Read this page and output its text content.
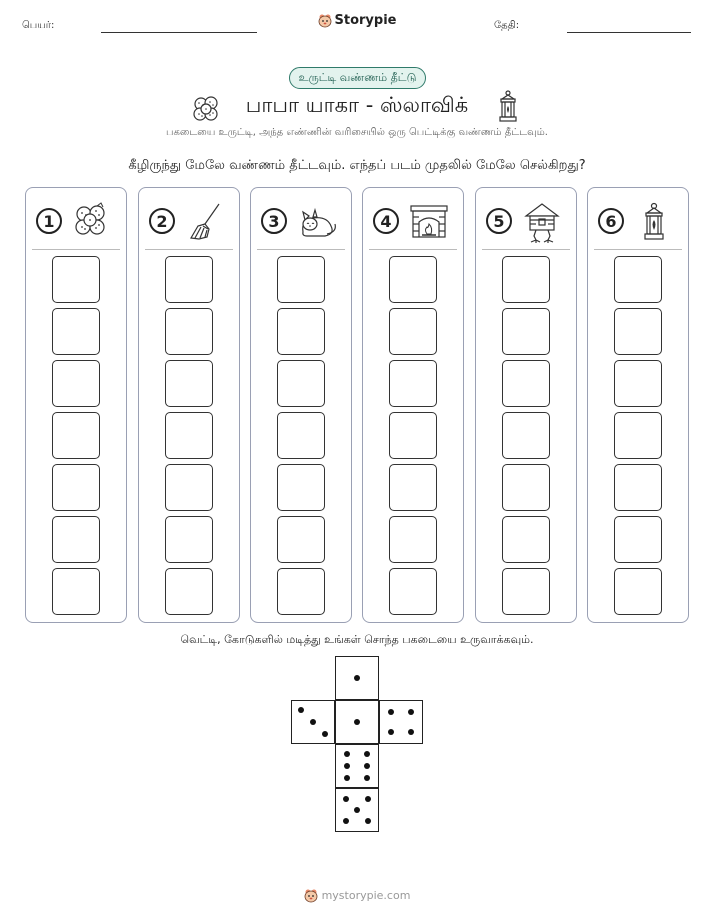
பெயர்:	Storypie	தேதி:
உருட்டி வண்ணம் தீட்டு
பாபா யாகா - ஸ்லாவிக்
பகடையை உருட்டி, அந்த எண்ணின் வரிசையில் ஒரு பெட்டிக்கு வண்ணம் தீட்டவும்.
கீழிருந்து மேலே வண்ணம் தீட்டவும். எந்தப் படம் முதலில் மேலே செல்கிறது?
1	2	3	4	5	6
வெட்டி, கோடுகளில் மடித்து உங்கள் சொந்த பகடையை உருவாக்கவும்.
mystorypie.com
